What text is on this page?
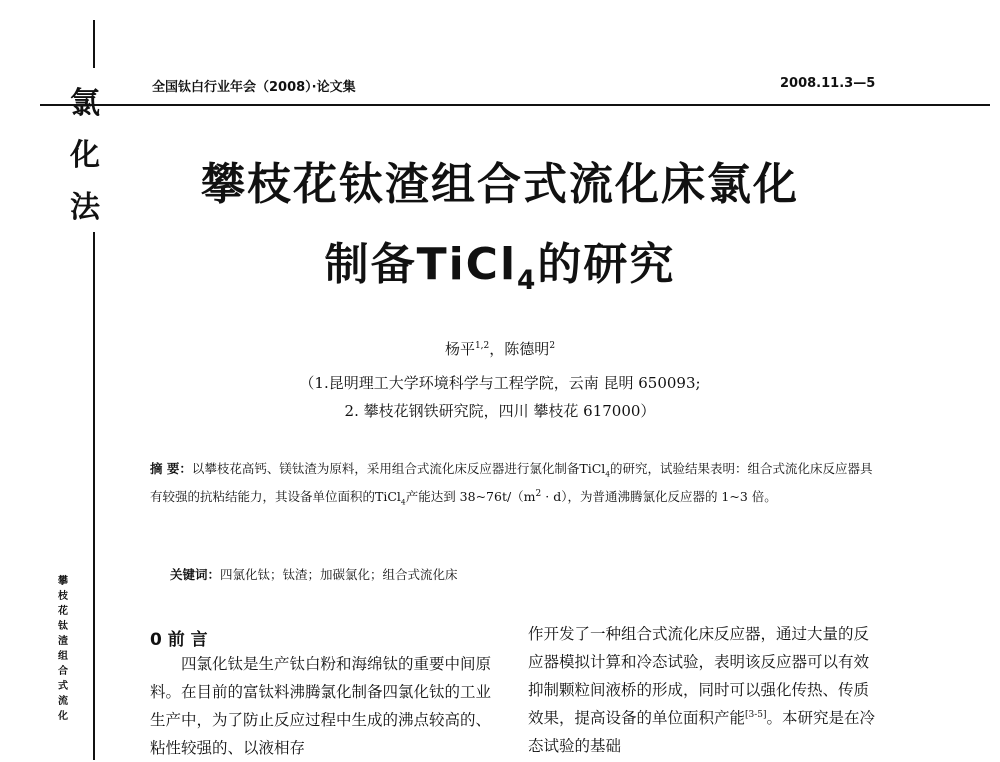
氯
化
法
全国钛白行业年会（2008）·论文集	2008.11.3—5
攀枝花钛渣组合式流化床氯化
制备TiCl$_4$的研究
杨平$^{1,2}$，陈德明$^2$
（1.昆明理工大学环境科学与工程学院，云南 昆明 650093;
2. 攀枝花钢铁研究院，四川 攀枝花 617000）
摘 要：以攀枝花高钙、镁钛渣为原料，采用组合式流化床反应器进行氯化制备TiCl$_4$的研究，试验结果表明：组合式流化床反应器具有较强的抗粘结能力，其设备单位面积的TiCl$_4$产能达到 $38\sim 76t/(m^2 \cdot d)$，为普通沸腾氯化反应器的 1~3 倍。
关键词：四氯化钛；钛渣；加碳氯化；组合式流化床
0 前 言
四氯化钛是生产钛白粉和海绵钛的重要中间原料。在目前的富钛料沸腾氯化制备四氯化钛的工业生产中，为了防止反应过程中生成的沸点较高的、粘性较强的、以液相存
作开发了一种组合式流化床反应器，通过大量的反应器模拟计算和冷态试验，表明该反应器可以有效抑制颗粒间液桥的形成，同时可以强化传热、传质效果，提高设备的单位面积产能[3-5]。本研究是在冷态试验的基础
攀枝花钛渣组合式流化
